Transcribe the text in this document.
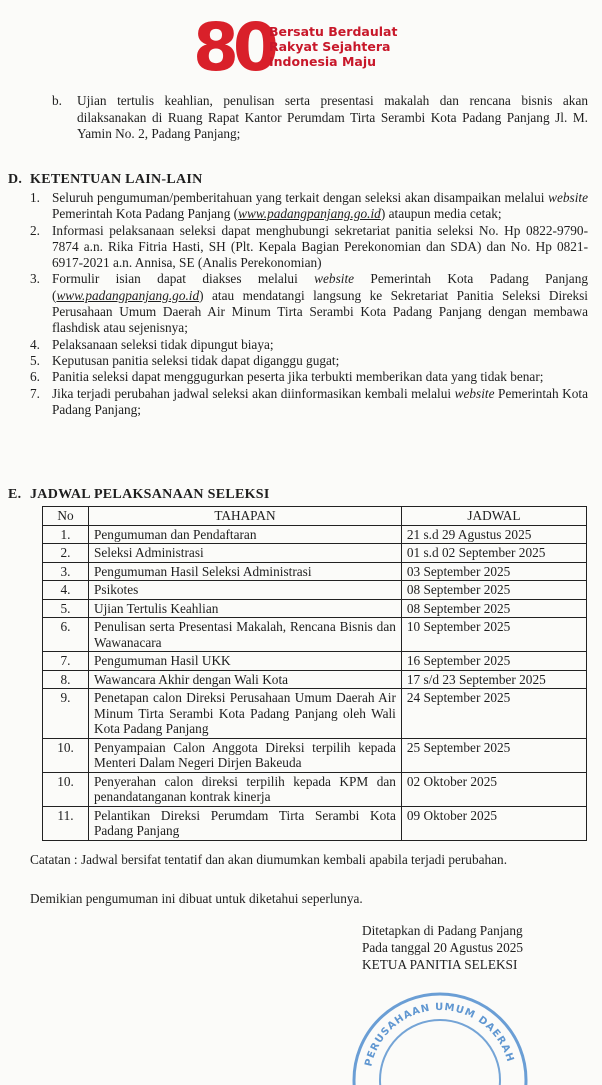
80
Bersatu Berdaulat
Rakyat Sejahtera
Indonesia Maju
b.	Ujian tertulis keahlian, penulisan serta presentasi makalah dan rencana bisnis akan dilaksanakan di Ruang Rapat Kantor Perumdam Tirta Serambi Kota Padang Panjang Jl. M. Yamin No. 2, Padang Panjang;
D. KETENTUAN LAIN-LAIN
1. Seluruh pengumuman/pemberitahuan yang terkait dengan seleksi akan disampaikan melalui website Pemerintah Kota Padang Panjang (www.padangpanjang.go.id) ataupun media cetak;
2. Informasi pelaksanaan seleksi dapat menghubungi sekretariat panitia seleksi No. Hp 0822-9790-7874 a.n. Rika Fitria Hasti, SH (Plt. Kepala Bagian Perekonomian dan SDA) dan No. Hp 0821-6917-2021 a.n. Annisa, SE (Analis Perekonomian)
3. Formulir isian dapat diakses melalui website Pemerintah Kota Padang Panjang (www.padangpanjang.go.id) atau mendatangi langsung ke Sekretariat Panitia Seleksi Direksi Perusahaan Umum Daerah Air Minum Tirta Serambi Kota Padang Panjang dengan membawa flashdisk atau sejenisnya;
4. Pelaksanaan seleksi tidak dipungut biaya;
5. Keputusan panitia seleksi tidak dapat diganggu gugat;
6. Panitia seleksi dapat menggugurkan peserta jika terbukti memberikan data yang tidak benar;
7. Jika terjadi perubahan jadwal seleksi akan diinformasikan kembali melalui website Pemerintah Kota Padang Panjang;
E. JADWAL PELAKSANAAN SELEKSI
No	TAHAPAN	JADWAL
1.	Pengumuman dan Pendaftaran	21 s.d 29 Agustus 2025
2.	Seleksi Administrasi	01 s.d 02 September 2025
3.	Pengumuman Hasil Seleksi Administrasi	03 September 2025
4.	Psikotes	08 September 2025
5.	Ujian Tertulis Keahlian	08 September 2025
6.	Penulisan serta Presentasi Makalah, Rencana Bisnis dan Wawanacara	10 September 2025
7.	Pengumuman Hasil UKK	16 September 2025
8.	Wawancara Akhir dengan Wali Kota	17 s/d 23 September 2025
9.	Penetapan calon Direksi Perusahaan Umum Daerah Air Minum Tirta Serambi Kota Padang Panjang oleh Wali Kota Padang Panjang	24 September 2025
10.	Penyampaian Calon Anggota Direksi terpilih kepada Menteri Dalam Negeri Dirjen Bakeuda	25 September 2025
10.	Penyerahan calon direksi terpilih kepada KPM dan penandatanganan kontrak kinerja	02 Oktober 2025
11.	Pelantikan Direksi Perumdam Tirta Serambi Kota Padang Panjang	09 Oktober 2025
Catatan : Jadwal bersifat tentatif dan akan diumumkan kembali apabila terjadi perubahan.
Demikian pengumuman ini dibuat untuk diketahui seperlunya.
Ditetapkan di Padang Panjang
Pada tanggal 20 Agustus 2025
KETUA PANITIA SELEKSI
PERUSAHAAN UMUM DAERAH
